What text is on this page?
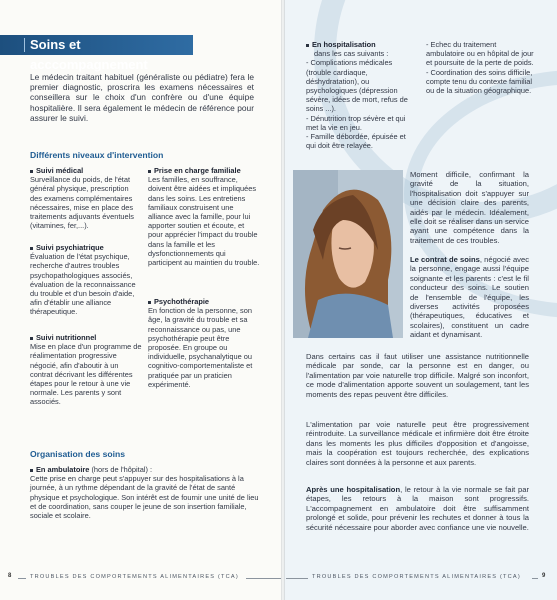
Soins et acccompagnement
Le médecin traitant habituel (généraliste ou pédiatre) fera le premier diagnostic, proscrira les examens nécessaires et conseillera sur le choix d'un confrère ou d'une équipe hospitalière. Il sera également le médecin de référence pour assurer le suivi.
Différents niveaux d'intervention
Suivi médical
Surveillance du poids, de l'état général physique, prescription des examens complémentaires nécessaires, mise en place des traitements adjuvants éventuels (vitamines, fer,...).
Suivi psychiatrique
Évaluation de l'état psychique, recherche d'autres troubles psychopathologiques associés, évaluation de la reconnaissance du trouble et d'un besoin d'aide, afin d'établir une alliance thérapeutique.
Suivi nutritionnel
Mise en place d'un programme de réalimentation progressive négocié, afin d'aboutir à un contrat décrivant les différentes étapes pour le retour à une vie normale. Les parents y sont associés.
Prise en charge familiale
Les familles, en souffrance, doivent être aidées et impliquées dans les soins. Les entretiens familiaux construisent une alliance avec la famille, pour lui apporter soutien et écoute, et pour apprécier l'impact du trouble dans la famille et les dysfonctionnements qui participent au maintien du trouble.
Psychothérapie
En fonction de la personne, son âge, la gravité du trouble et sa reconnaissance ou pas, une psychothérapie peut être proposée. En groupe ou individuelle, psychanalytique ou cognitivo-comportementaliste et pratiquée par un praticien expérimenté.
Organisation des soins
En ambulatoire (hors de l'hôpital) :
Cette prise en charge peut s'appuyer sur des hospitalisations à la journée, à un rythme dépendant de la gravité de l'état de santé physique et psychologique. Son intérêt est de fournir une unité de lieu et de coordination, sans couper le jeune de son insertion familiale, sociale et scolaire.
8	TROUBLES DES COMPORTEMENTS ALIMENTAIRES (TCA)
En hospitalisation
dans les cas suivants :
- Complications médicales (trouble cardiaque, déshydratation), ou psychologiques (dépression sévère, idées de mort, refus de soins ...).
- Dénutrition trop sévère et qui met la vie en jeu.
- Famille débordée, épuisée et qui doit être relayée.
- Echec du traitement ambulatoire ou en hôpital de jour et poursuite de la perte de poids.
- Coordination des soins difficile, compte tenu du contexte familial ou de la situation géographique.
Moment difficile, confirmant la gravité de la situation, l'hospitalisation doit s'appuyer sur une décision claire des parents, aidés par le médecin. Idéalement, elle doit se réaliser dans un service ayant une compétence dans la traitement de ces troubles.
Le contrat de soins, négocié avec la personne, engage aussi l'équipe soignante et les parents : c'est le fil conducteur des soins. Le soutien de l'ensemble de l'équipe, les diverses activités proposées (thérapeutiques, éducatives et scolaires), constituent un cadre aidant et dynamisant.
Dans certains cas il faut utiliser une assistance nutritionnelle médicale par sonde, car la personne est en danger, ou l'alimentation par voie naturelle trop difficile. Malgré son inconfort, ce mode d'alimentation apporte souvent un soulagement, tant les moments des repas peuvent être difficiles.
L'alimentation par voie naturelle peut être progressivement réintroduite. La surveillance médicale et infirmière doit être étroite dans les moments les plus difficiles d'opposition et d'angoisse, mais la coopération est toujours recherchée, des explications claires sont données à la personne et aux parents.
Après une hospitalisation, le retour à la vie normale se fait par étapes, les retours à la maison sont progressifs. L'accompagnement en ambulatoire doit être suffisamment prolongé et solide, pour prévenir les rechutes et donner à tous la sécurité nécessaire pour aborder avec confiance une vie nouvelle.
TROUBLES DES COMPORTEMENTS ALIMENTAIRES (TCA)	9
